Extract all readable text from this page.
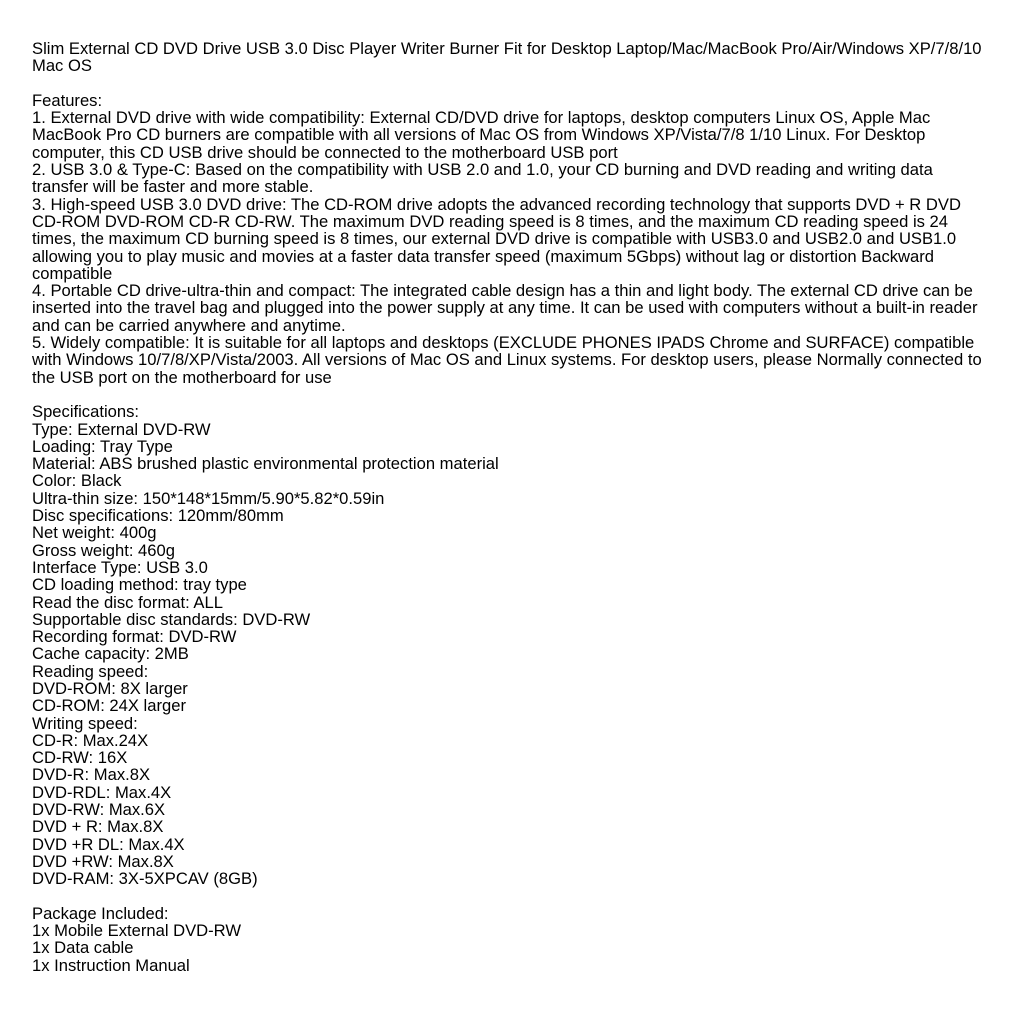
Slim External CD DVD Drive USB 3.0 Disc Player Writer Burner Fit for Desktop Laptop/Mac/MacBook Pro/Air/Windows XP/7/8/10 Mac OS
Features:
1. External DVD drive with wide compatibility: External CD/DVD drive for laptops, desktop computers Linux OS, Apple Mac MacBook Pro CD burners are compatible with all versions of Mac OS from Windows XP/Vista/7/8 1/10 Linux. For Desktop computer, this CD USB drive should be connected to the motherboard USB port
2. USB 3.0 & Type-C: Based on the compatibility with USB 2.0 and 1.0, your CD burning and DVD reading and writing data transfer will be faster and more stable.
3. High-speed USB 3.0 DVD drive: The CD-ROM drive adopts the advanced recording technology that supports DVD + R DVD CD-ROM DVD-ROM CD-R CD-RW. The maximum DVD reading speed is 8 times, and the maximum CD reading speed is 24 times, the maximum CD burning speed is 8 times, our external DVD drive is compatible with USB3.0 and USB2.0 and USB1.0 allowing you to play music and movies at a faster data transfer speed (maximum 5Gbps) without lag or distortion Backward compatible
4. Portable CD drive-ultra-thin and compact: The integrated cable design has a thin and light body. The external CD drive can be inserted into the travel bag and plugged into the power supply at any time. It can be used with computers without a built-in reader and can be carried anywhere and anytime.
5. Widely compatible: It is suitable for all laptops and desktops (EXCLUDE PHONES IPADS Chrome and SURFACE) compatible with Windows 10/7/8/XP/Vista/2003. All versions of Mac OS and Linux systems. For desktop users, please Normally connected to the USB port on the motherboard for use
Specifications:
Type: External DVD-RW
Loading: Tray Type
Material: ABS brushed plastic environmental protection material
Color: Black
Ultra-thin size: 150*148*15mm/5.90*5.82*0.59in
Disc specifications: 120mm/80mm
Net weight: 400g
Gross weight: 460g
Interface Type: USB 3.0
CD loading method: tray type
Read the disc format: ALL
Supportable disc standards: DVD-RW
Recording format: DVD-RW
Cache capacity: 2MB
Reading speed:
DVD-ROM: 8X larger
CD-ROM: 24X larger
Writing speed:
CD-R: Max.24X
CD-RW: 16X
DVD-R: Max.8X
DVD-RDL: Max.4X
DVD-RW: Max.6X
DVD + R: Max.8X
DVD +R DL: Max.4X
DVD +RW: Max.8X
DVD-RAM: 3X-5XPCAV (8GB)
Package Included:
1x Mobile External DVD-RW
1x Data cable
1x Instruction Manual
